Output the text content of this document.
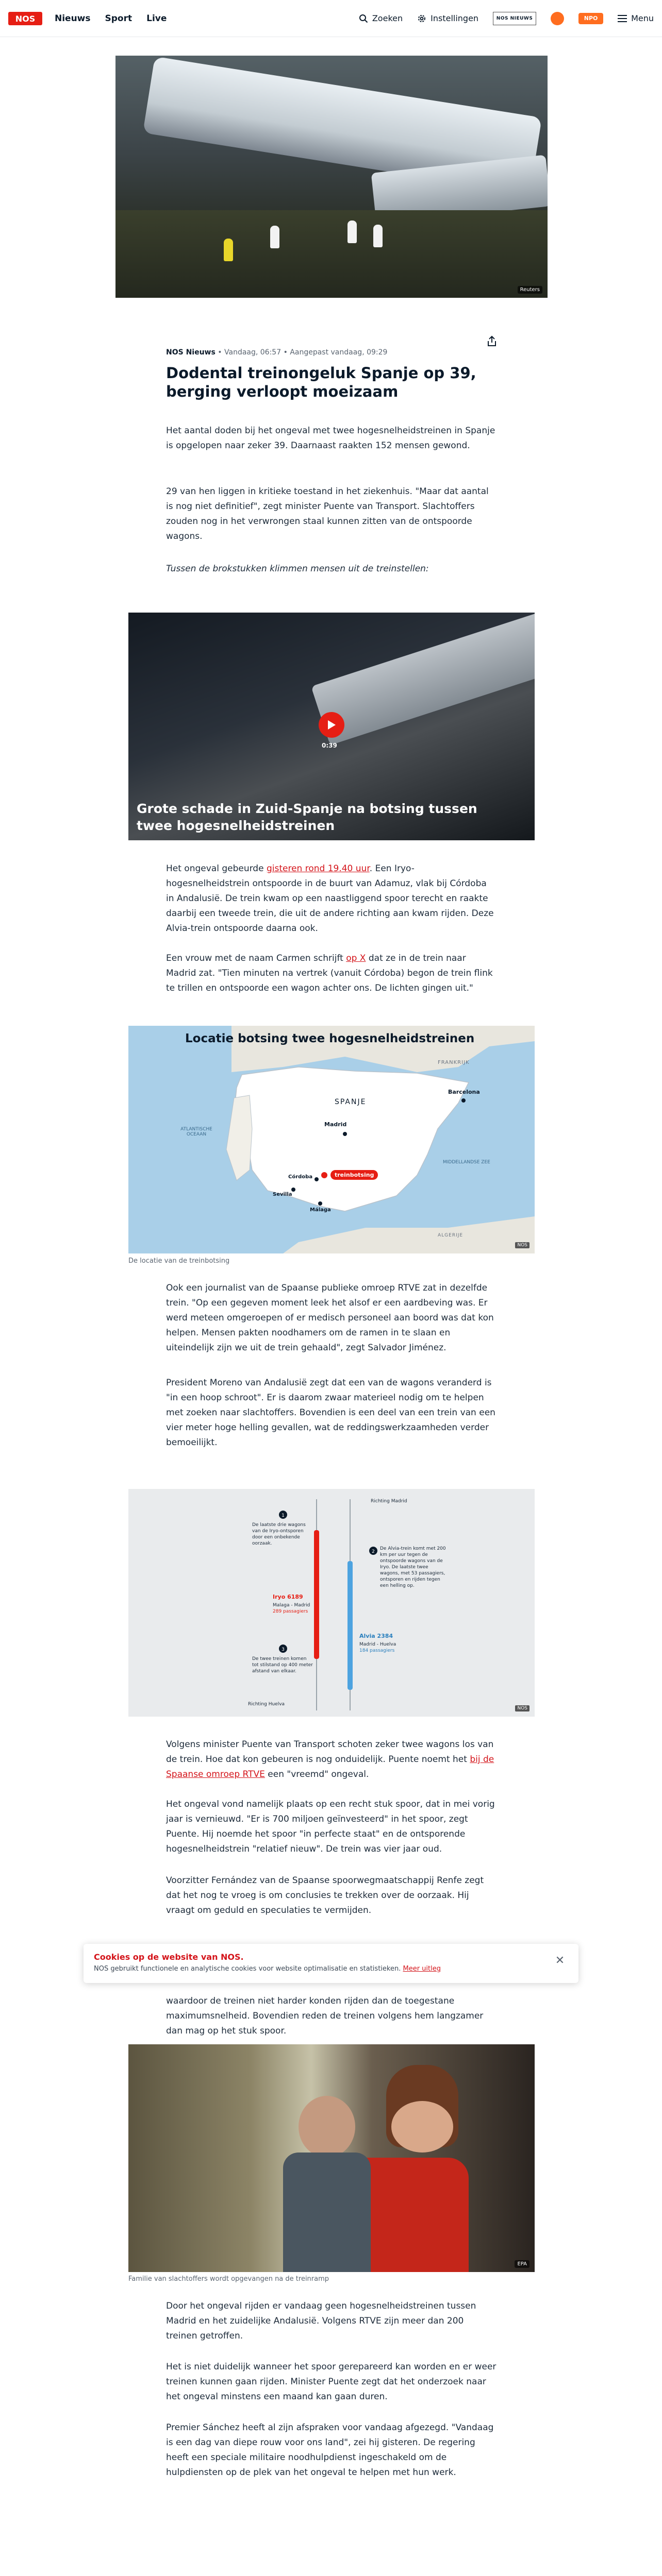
NOS Nieuws Sport Live	Zoeken	Instellingen	NOS NIEUWS	NPO	Menu
Reuters
NOS Nieuws • Vandaag, 06:57 • Aangepast vandaag, 09:29
Dodental treinongeluk Spanje op 39, berging verloopt moeizaam

Het aantal doden bij het ongeval met twee hogesnelheidstreinen in Spanje is opgelopen naar zeker 39. Daarnaast raakten 152 mensen gewond.

29 van hen liggen in kritieke toestand in het ziekenhuis. "Maar dat aantal is nog niet definitief", zegt minister Puente van Transport. Slachtoffers zouden nog in het verwrongen staal kunnen zitten van de ontspoorde wagons.

Tussen de brokstukken klimmen mensen uit de treinstellen:

0:39
Grote schade in Zuid-Spanje na botsing tussen twee hogesnelheidstreinen

Het ongeval gebeurde gisteren rond 19.40 uur. Een Iryo-hogesnelheidstrein ontspoorde in de buurt van Adamuz, vlak bij Córdoba in Andalusië. De trein kwam op een naastliggend spoor terecht en raakte daarbij een tweede trein, die uit de andere richting aan kwam rijden. Deze Alvia-trein ontspoorde daarna ook.

Een vrouw met de naam Carmen schrijft op X dat ze in de trein naar Madrid zat. "Tien minuten na vertrek (vanuit Córdoba) begon de trein flink te trillen en ontspoorde een wagon achter ons. De lichten gingen uit."

Locatie botsing twee hogesnelheidstreinen
FRANKRIJK
SPANJE
ATLANTISCHE OCEAAN
MIDDELLANDSE ZEE
ALGERIJE
Madrid
Barcelona
Córdoba
Sevilla
Málaga
treinbotsing
NOS

De locatie van de treinbotsing

Ook een journalist van de Spaanse publieke omroep RTVE zat in dezelfde trein. "Op een gegeven moment leek het alsof er een aardbeving was. Er werd meteen omgeroepen of er medisch personeel aan boord was dat kon helpen. Mensen pakten noodhamers om de ramen in te slaan en uiteindelijk zijn we uit de trein gehaald", zegt Salvador Jiménez.

President Moreno van Andalusië zegt dat een van de wagons veranderd is "in een hoop schroot". Er is daarom zwaar materieel nodig om te helpen met zoeken naar slachtoffers. Bovendien is een deel van een trein van een vier meter hoge helling gevallen, wat de reddingswerkzaamheden verder bemoeilijkt.

1
2
3
Richting Madrid
Richting Huelva
De laatste drie wagons van de Iryo-ontsporen door een onbekende oorzaak.
De Alvia-trein komt met 200 km per uur tegen de ontspoorde wagons van de Iryo. De laatste twee wagons, met 53 passagiers, ontsporen en rijden tegen een helling op.
De twee treinen komen tot stilstand op 400 meter afstand van elkaar.
Iryo 6189
Malaga - Madrid
289 passagiers
Alvia 2384
Madrid - Huelva
184 passagiers
NOS

Volgens minister Puente van Transport schoten zeker twee wagons los van de trein. Hoe dat kon gebeuren is nog onduidelijk. Puente noemt het bij de Spaanse omroep RTVE een "vreemd" ongeval.

Het ongeval vond namelijk plaats op een recht stuk spoor, dat in mei vorig jaar is vernieuwd. "Er is 700 miljoen geïnvesteerd" in het spoor, zegt Puente. Hij noemde het spoor "in perfecte staat" en de ontsporende hogesnelheidstrein "relatief nieuw". De trein was vier jaar oud.

Voorzitter Fernández van de Spaanse spoorwegmaatschappij Renfe zegt dat het nog te vroeg is om conclusies te trekken over de oorzaak. Hij vraagt om geduld en speculaties te vermijden.

Cookies op de website van NOS.
NOS gebruikt functionele en analytische cookies voor website optimalisatie en statistieken. Meer uitleg
✕

waardoor de treinen niet harder konden rijden dan de toegestane maximumsnelheid. Bovendien reden de treinen volgens hem langzamer dan mag op het stuk spoor.

EPA

Familie van slachtoffers wordt opgevangen na de treinramp

Door het ongeval rijden er vandaag geen hogesnelheidstreinen tussen Madrid en het zuidelijke Andalusië. Volgens RTVE zijn meer dan 200 treinen getroffen.

Het is niet duidelijk wanneer het spoor gerepareerd kan worden en er weer treinen kunnen gaan rijden. Minister Puente zegt dat het onderzoek naar het ongeval minstens een maand kan gaan duren.

Premier Sánchez heeft al zijn afspraken voor vandaag afgezegd. "Vandaag is een dag van diepe rouw voor ons land", zei hij gisteren. De regering heeft een speciale militaire noodhulpdienst ingeschakeld om de hulpdiensten op de plek van het ongeval te helpen met hun werk.
